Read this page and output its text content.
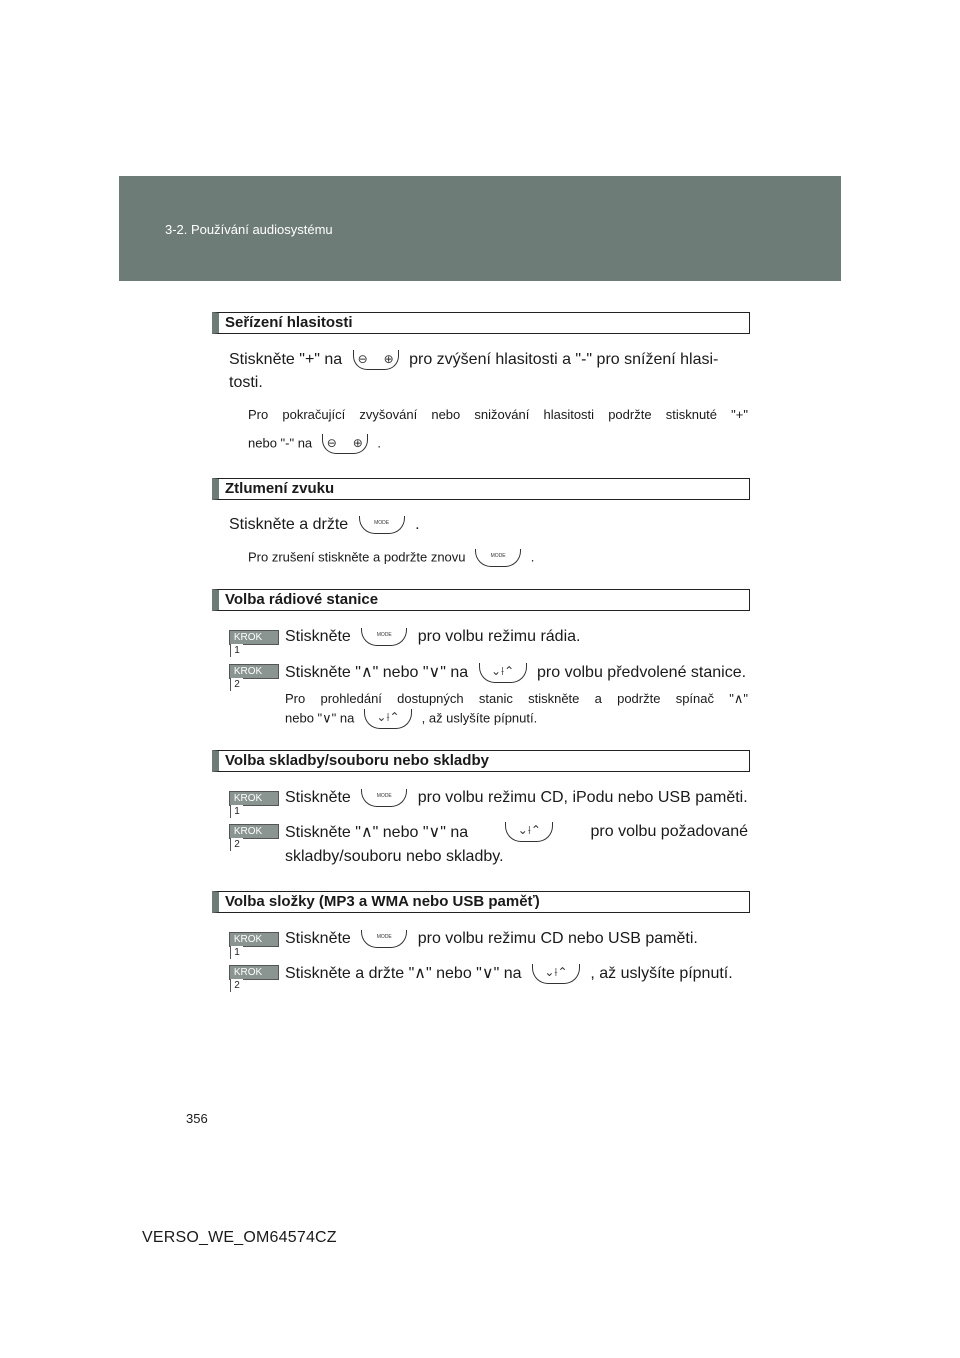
3-2. Používání audiosystému
Seřízení hlasitosti
Stiskněte "+" na ⊖ ⊕ pro zvýšení hlasitosti a "-" pro snížení hlasi-
tosti.
Pro pokračující zvyšování nebo snižování hlasitosti podržte stisknuté "+"
nebo "-" na ⊖ ⊕ .
Ztlumení zvuku
Stiskněte a držte	MODE .
Pro zrušení stiskněte a podržte znovu	MODE .
Volba rádiové stanice
KROK1
Stiskněte	MODE pro volbu režimu rádia.
KROK2
Stiskněte "∧" nebo "∨" na ⌄⟊⌃ pro volbu předvolené stanice.
Pro prohledání dostupných stanic stiskněte a podržte spínač "∧"
nebo "∨" na ⌄⟊⌃ , až uslyšíte pípnutí.
Volba skladby/souboru nebo skladby
KROK1
Stiskněte	MODE pro volbu režimu CD, iPodu nebo USB paměti.
KROK2
Stiskněte "∧" nebo "∨" na	⌄⟊⌃	pro volbu požadované
skladby/souboru nebo skladby.
Volba složky (MP3 a WMA nebo USB paměť)
KROK1
Stiskněte	MODE pro volbu režimu CD nebo USB paměti.
KROK2
Stiskněte a držte "∧" nebo "∨" na ⌄⟊⌃ , až uslyšíte pípnutí.
356
VERSO_WE_OM64574CZ
